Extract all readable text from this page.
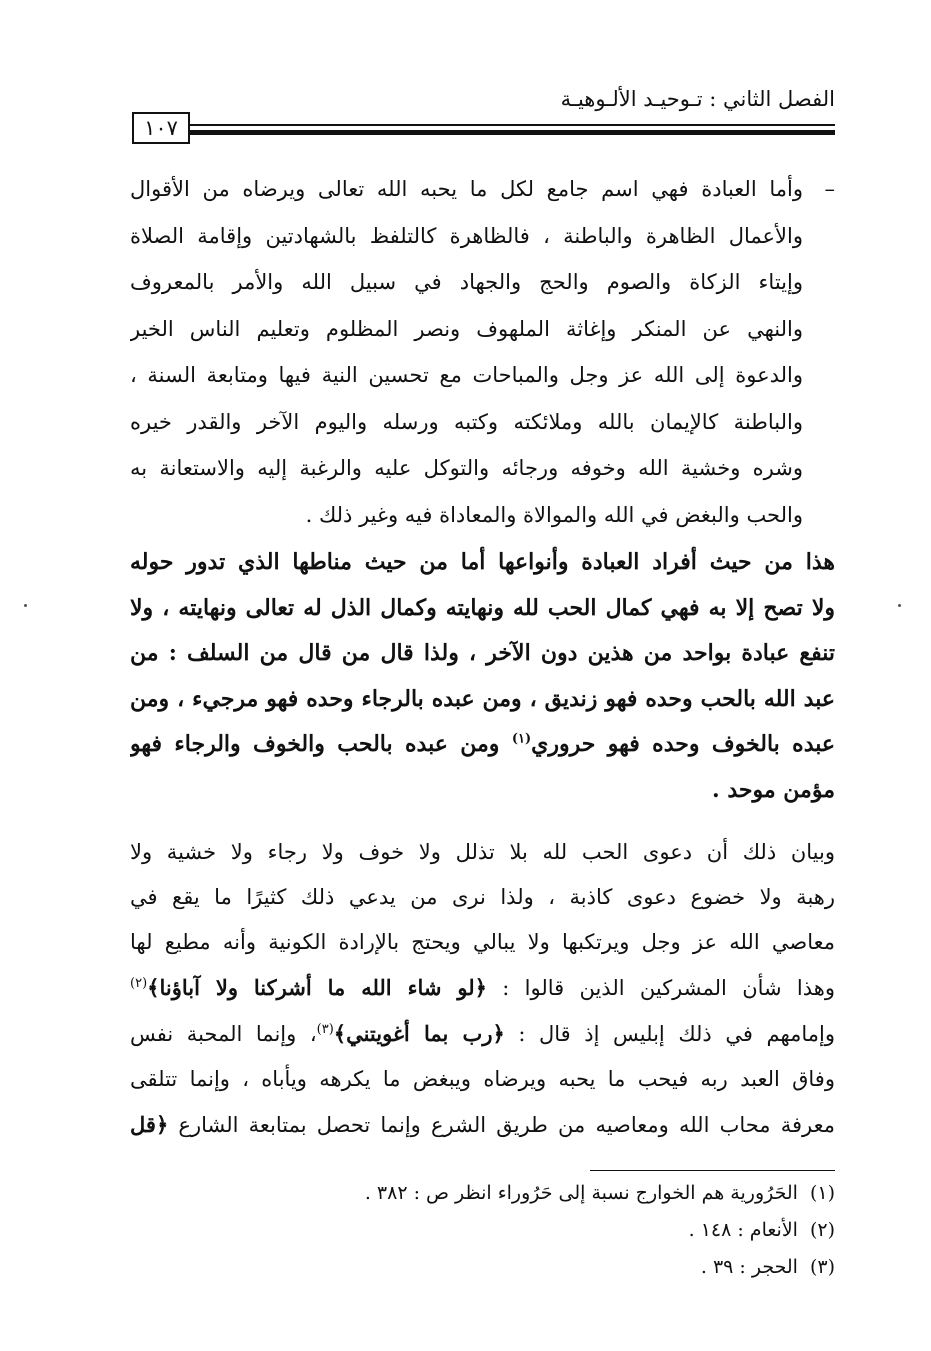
الفصل الثاني : تـوحيـد الألـوهيـة
١٠٧
–وأما العبادة فهي اسم جامع لكل ما يحبه الله تعالى ويرضاه من الأقوال
والأعمال الظاهرة والباطنة ، فالظاهرة كالتلفظ بالشهادتين وإقامة الصلاة
وإيتاء الزكاة والصوم والحج والجهاد في سبيل الله والأمر بالمعروف
والنهي عن المنكر وإغاثة الملهوف ونصر المظلوم وتعليم الناس الخير
والدعوة إلى الله عز وجل والمباحات مع تحسين النية فيها ومتابعة السنة ،
والباطنة كالإيمان بالله وملائكته وكتبه ورسله واليوم الآخر والقدر خيره
وشره وخشية الله وخوفه ورجائه والتوكل عليه والرغبة إليه والاستعانة به
والحب والبغض في الله والموالاة والمعاداة فيه وغير ذلك .
هذا من حيث أفراد العبادة وأنواعها أما من حيث مناطها الذي تدور حوله
ولا تصح إلا به فهي كمال الحب لله ونهايته وكمال الذل له تعالى ونهايته ، ولا
تنفع عبادة بواحد من هذين دون الآخر ، ولذا قال من قال من السلف : من
عبد الله بالحب وحده فهو زنديق ، ومن عبده بالرجاء وحده فهو مرجيء ، ومن
عبده بالخوف وحده فهو حروري$^{(١)}$ ومن عبده بالحب والخوف والرجاء فهو
مؤمن موحد .
وبيان ذلك أن دعوى الحب لله بلا تذلل ولا خوف ولا رجاء ولا خشية ولا
رهبة ولا خضوع دعوى كاذبة ، ولذا نرى من يدعي ذلك كثيرًا ما يقع في
معاصي الله عز وجل ويرتكبها ولا يبالي ويحتج بالإرادة الكونية وأنه مطيع لها
وهذا شأن المشركين الذين قالوا : ﴿لو شاء الله ما أشركنا ولا آباؤنا﴾$^{(٢)}$
وإمامهم في ذلك إبليس إذ قال : ﴿رب بما أغويتني﴾$^{(٣)}$، وإنما المحبة نفس
وفاق العبد ربه فيحب ما يحبه ويرضاه ويبغض ما يكرهه ويأباه ، وإنما تتلقى
معرفة محاب الله ومعاصيه من طريق الشرع وإنما تحصل بمتابعة الشارع ﴿قل
(١)الحَرُورية هم الخوارج نسبة إلى حَرُوراء انظر ص : ٣٨٢ .
(٢)الأنعام : ١٤٨ .
(٣)الحجر : ٣٩ .
